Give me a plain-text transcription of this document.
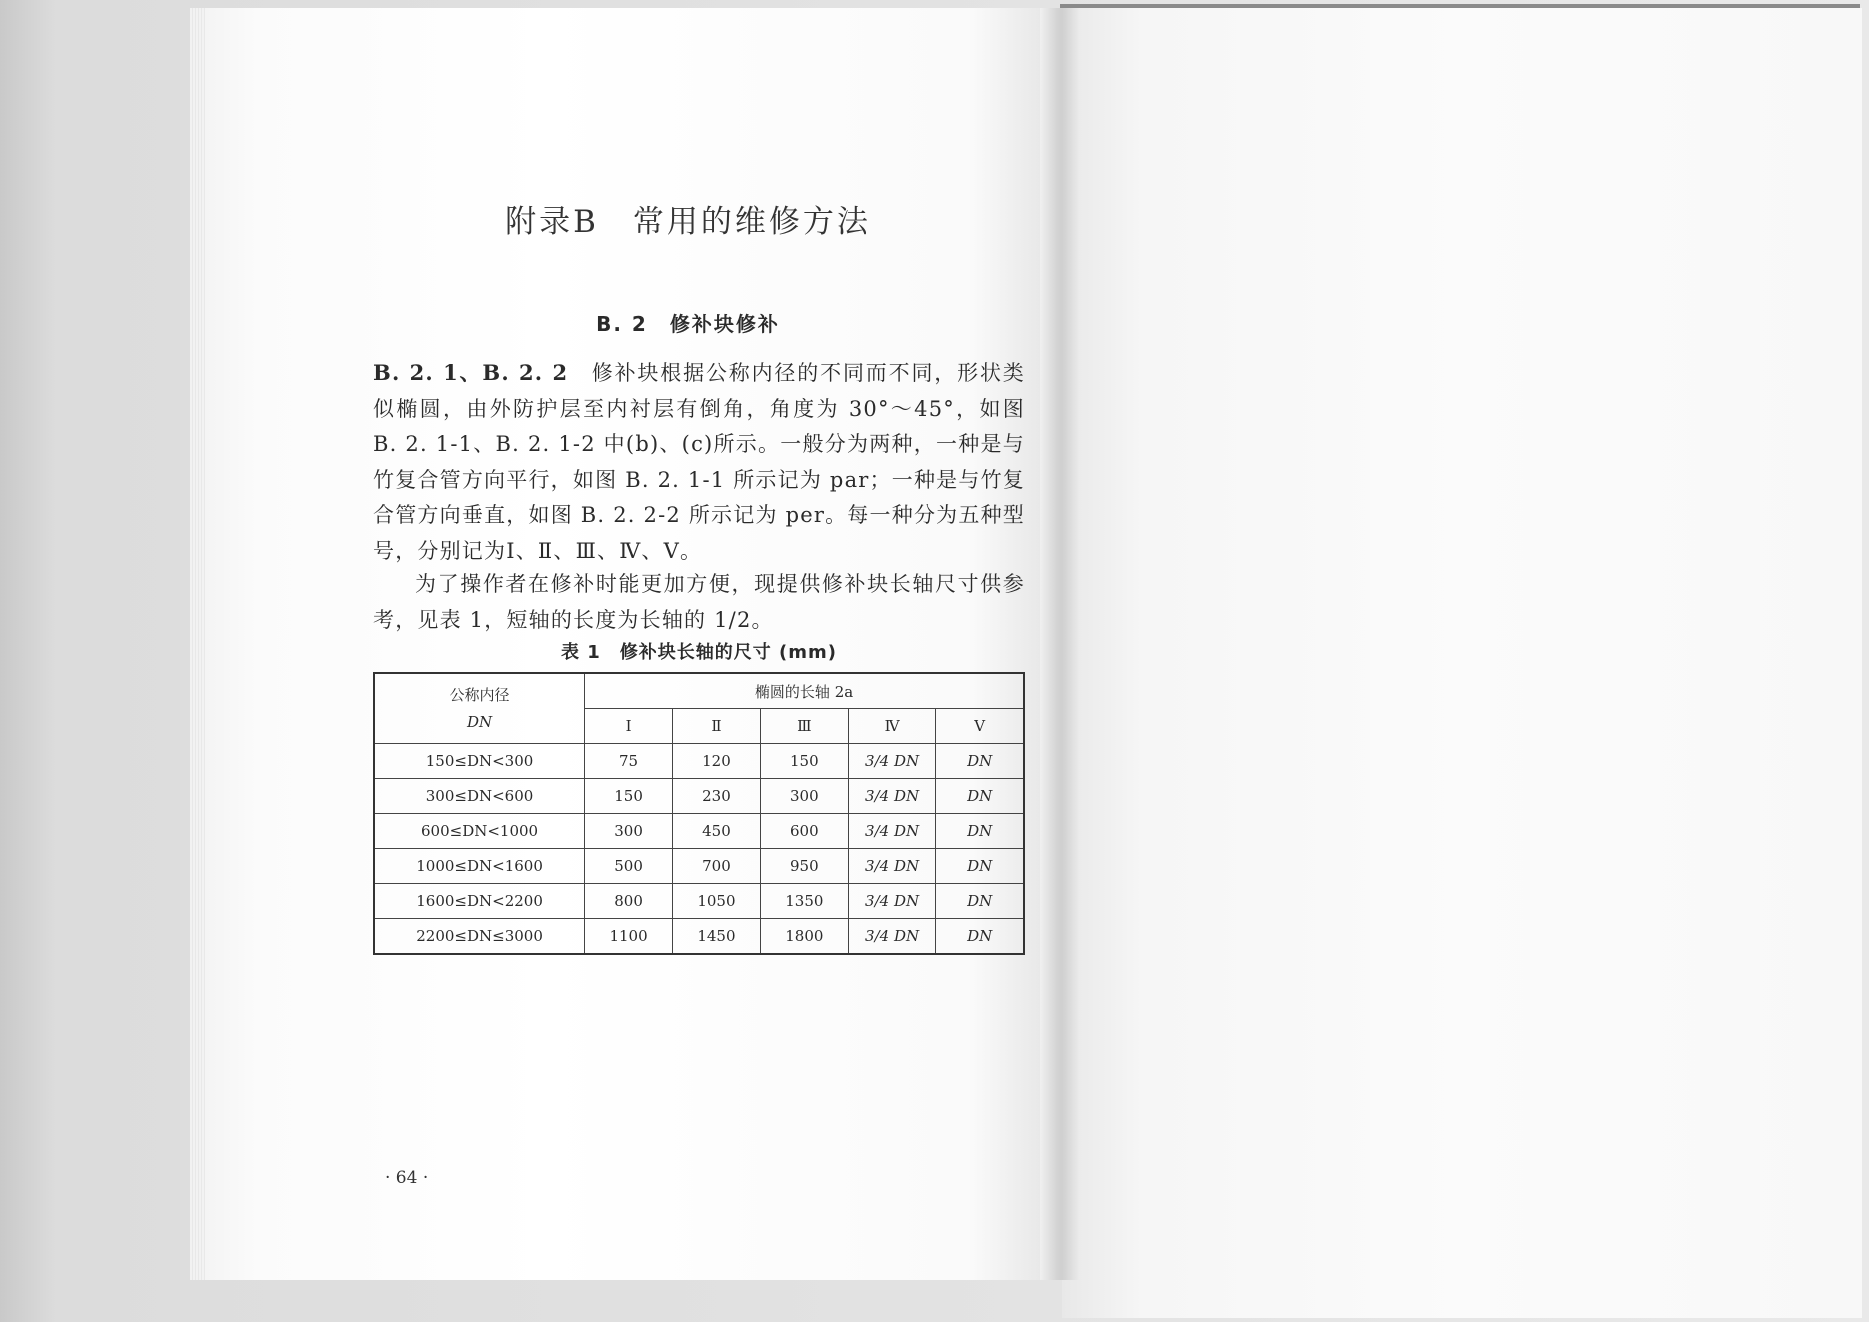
附录B　常用的维修方法
B. 2　修补块修补
B. 2. 1、B. 2. 2　修补块根据公称内径的不同而不同，形状类似椭圆，由外防护层至内衬层有倒角，角度为 30°～45°，如图 B. 2. 1-1、B. 2. 1-2 中(b)、(c)所示。一般分为两种，一种是与竹复合管方向平行，如图 B. 2. 1-1 所示记为 par；一种是与竹复合管方向垂直，如图 B. 2. 2-2 所示记为 per。每一种分为五种型号，分别记为Ⅰ、Ⅱ、Ⅲ、Ⅳ、Ⅴ。
为了操作者在修补时能更加方便，现提供修补块长轴尺寸供参考，见表 1，短轴的长度为长轴的 1/2。
表 1　修补块长轴的尺寸 (mm)
公称内径
DN	椭圆的长轴 2a				
	Ⅰ	Ⅱ	Ⅲ	Ⅳ	Ⅴ
150≤DN<300	75	120	150	3/4 DN	DN
300≤DN<600	150	230	300	3/4 DN	DN
600≤DN<1000	300	450	600	3/4 DN	DN
1000≤DN<1600	500	700	950	3/4 DN	DN
1600≤DN<2200	800	1050	1350	3/4 DN	DN
2200≤DN≤3000	1100	1450	1800	3/4 DN	DN
· 64 ·
